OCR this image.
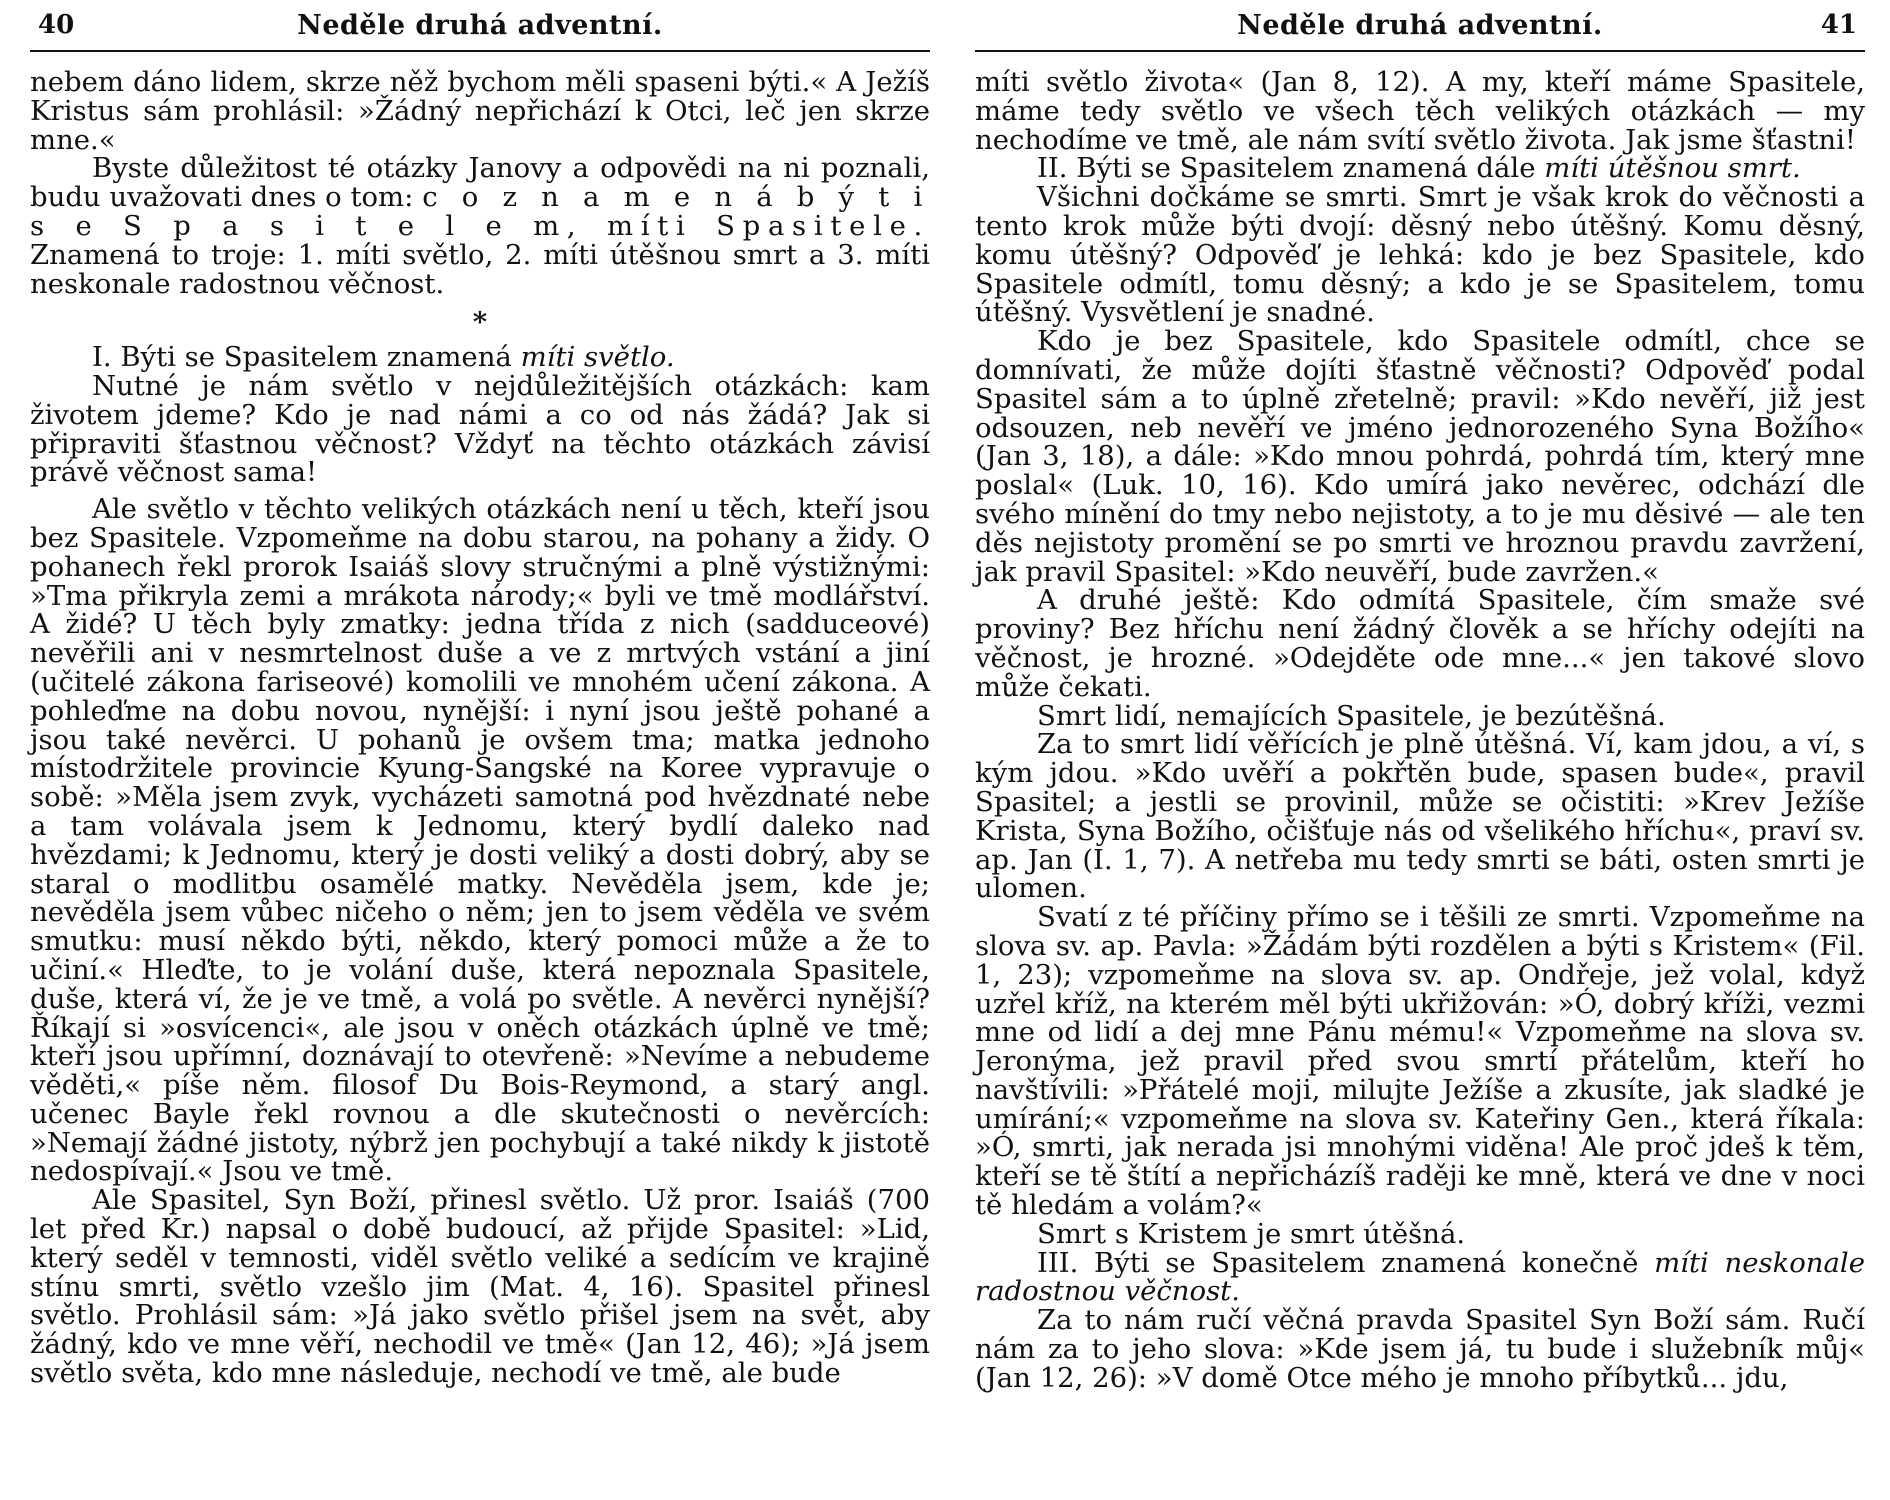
40	Neděle druhá adventní.

nebem dáno lidem, skrze něž bychom měli spaseni býti.« A Ježíš Kristus sám prohlásil: »Žádný nepřichází k Otci, leč jen skrze mne.«

Byste důležitost té otázky Janovy a odpovědi na ni poznali, budu uvažovati dnes o tom: c o z n a m e n á b ý t i s e S p a s i t e l e m, míti Spasitele. Znamená to troje: 1. míti světlo, 2. míti útěšnou smrt a 3. míti neskonale radostnou věčnost.

*

I. Býti se Spasitelem znamená míti světlo.

Nutné je nám světlo v nejdůležitějších otázkách: kam životem jdeme? Kdo je nad námi a co od nás žádá? Jak si připraviti šťastnou věčnost? Vždyť na těchto otázkách závisí právě věčnost sama!

Ale světlo v těchto velikých otázkách není u těch, kteří jsou bez Spasitele. Vzpomeňme na dobu starou, na pohany a židy. O pohanech řekl prorok Isaiáš slovy stručnými a plně výstižnými: »Tma přikryla zemi a mrákota národy;« byli ve tmě modlářství. A židé? U těch byly zmatky: jedna třída z nich (sadduceové) nevěřili ani v nesmrtelnost duše a ve z mrtvých vstání a jiní (učitelé zákona fariseové) komolili ve mnohém učení zákona. A pohleďme na dobu novou, nynější: i nyní jsou ještě pohané a jsou také nevěrci. U pohanů je ovšem tma; matka jednoho místodržitele provincie Kyung-Sangské na Koree vypravuje o sobě: »Měla jsem zvyk, vycházeti samotná pod hvězdnaté nebe a tam volávala jsem k Jednomu, který bydlí daleko nad hvězdami; k Jednomu, který je dosti veliký a dosti dobrý, aby se staral o modlitbu osamělé matky. Nevěděla jsem, kde je; nevěděla jsem vůbec ničeho o něm; jen to jsem věděla ve svém smutku: musí někdo býti, někdo, který pomoci může a že to učiní.« Hleďte, to je volání duše, která nepoznala Spasitele, duše, která ví, že je ve tmě, a volá po světle. A nevěrci nynější? Říkají si »osvícenci«, ale jsou v oněch otázkách úplně ve tmě; kteří jsou upřímní, doznávají to otevřeně: »Nevíme a nebudeme věděti,« píše něm. filosof Du Bois-Reymond, a starý angl. učenec Bayle řekl rovnou a dle skutečnosti o nevěrcích: »Nemají žádné jistoty, nýbrž jen pochybují a také nikdy k jistotě nedospívají.« Jsou ve tmě.

Ale Spasitel, Syn Boží, přinesl světlo. Už pror. Isaiáš (700 let před Kr.) napsal o době budoucí, až přijde Spasitel: »Lid, který seděl v temnosti, viděl světlo veliké a sedícím ve krajině stínu smrti, světlo vzešlo jim (Mat. 4, 16). Spasitel přinesl světlo. Prohlásil sám: »Já jako světlo přišel jsem na svět, aby žádný, kdo ve mne věří, nechodil ve tmě« (Jan 12, 46); »Já jsem světlo světa, kdo mne následuje, nechodí ve tmě, ale bude

Neděle druhá adventní.	41

míti světlo života« (Jan 8, 12). A my, kteří máme Spasitele, máme tedy světlo ve všech těch velikých otázkách — my nechodíme ve tmě, ale nám svítí světlo života. Jak jsme šťastni!

II. Býti se Spasitelem znamená dále míti útěšnou smrt.

Všichni dočkáme se smrti. Smrt je však krok do věčnosti a tento krok může býti dvojí: děsný nebo útěšný. Komu děsný, komu útěšný? Odpověď je lehká: kdo je bez Spasitele, kdo Spasitele odmítl, tomu děsný; a kdo je se Spasitelem, tomu útěšný. Vysvětlení je snadné.

Kdo je bez Spasitele, kdo Spasitele odmítl, chce se domnívati, že může dojíti šťastně věčnosti? Odpověď podal Spasitel sám a to úplně zřetelně; pravil: »Kdo nevěří, již jest odsouzen, neb nevěří ve jméno jednorozeného Syna Božího« (Jan 3, 18), a dále: »Kdo mnou pohrdá, pohrdá tím, který mne poslal« (Luk. 10, 16). Kdo umírá jako nevěrec, odchází dle svého mínění do tmy nebo nejistoty, a to je mu děsivé — ale ten děs nejistoty promění se po smrti ve hroznou pravdu zavržení, jak pravil Spasitel: »Kdo neuvěří, bude zavržen.«

A druhé ještě: Kdo odmítá Spasitele, čím smaže své proviny? Bez hříchu není žádný člověk a se hříchy odejíti na věčnost, je hrozné. »Odejděte ode mne...« jen takové slovo může čekati.

Smrt lidí, nemajících Spasitele, je bezútěšná.

Za to smrt lidí věřících je plně útěšná. Ví, kam jdou, a ví, s kým jdou. »Kdo uvěří a pokřtěn bude, spasen bude«, pravil Spasitel; a jestli se provinil, může se očistiti: »Krev Ježíše Krista, Syna Božího, očišťuje nás od všelikého hříchu«, praví sv. ap. Jan (I. 1, 7). A netřeba mu tedy smrti se báti, osten smrti je ulomen.

Svatí z té příčiny přímo se i těšili ze smrti. Vzpomeňme na slova sv. ap. Pavla: »Žádám býti rozdělen a býti s Kristem« (Fil. 1, 23); vzpomeňme na slova sv. ap. Ondřeje, jež volal, když uzřel kříž, na kterém měl býti ukřižován: »Ó, dobrý kříži, vezmi mne od lidí a dej mne Pánu mému!« Vzpomeňme na slova sv. Jeronýma, jež pravil před svou smrtí přátelům, kteří ho navštívili: »Přátelé moji, milujte Ježíše a zkusíte, jak sladké je umírání;« vzpomeňme na slova sv. Kateřiny Gen., která říkala: »Ó, smrti, jak nerada jsi mnohými viděna! Ale proč jdeš k těm, kteří se tě štítí a nepřicházíš raději ke mně, která ve dne v noci tě hledám a volám?«

Smrt s Kristem je smrt útěšná.

III. Býti se Spasitelem znamená konečně míti neskonale radostnou věčnost.

Za to nám ručí věčná pravda Spasitel Syn Boží sám. Ručí nám za to jeho slova: »Kde jsem já, tu bude i služebník můj« (Jan 12, 26): »V domě Otce mého je mnoho příbytků... jdu,
